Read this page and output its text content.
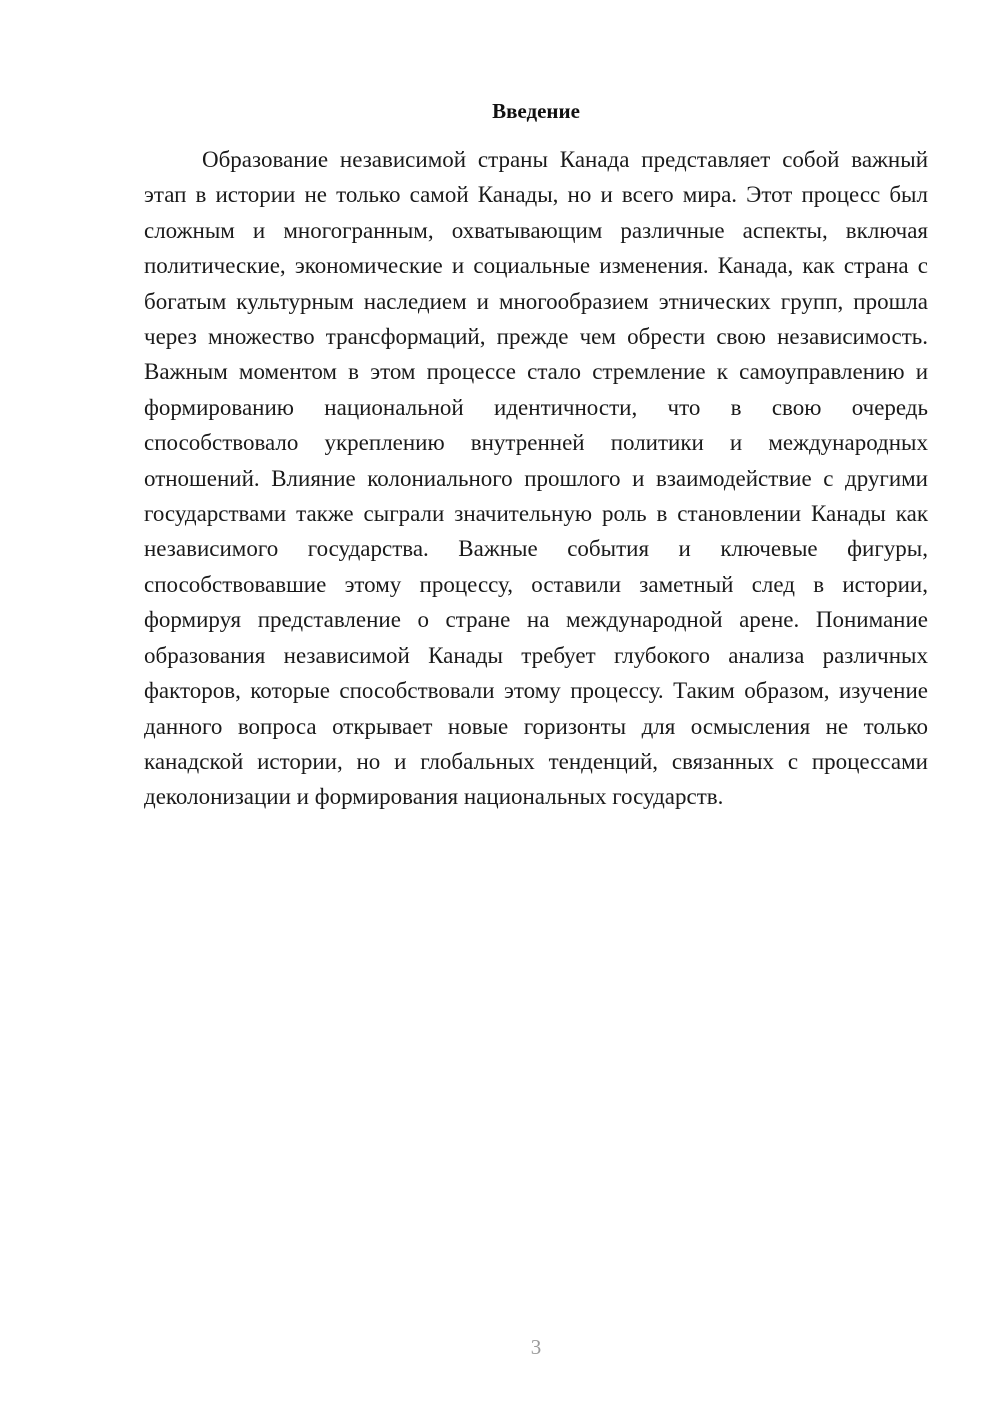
Введение

Образование независимой страны Канада представляет собой важный этап в истории не только самой Канады, но и всего мира. Этот процесс был сложным и многогранным, охватывающим различные аспекты, включая политические, экономические и социальные изменения. Канада, как страна с богатым культурным наследием и многообразием этнических групп, прошла через множество трансформаций, прежде чем обрести свою независимость. Важным моментом в этом процессе стало стремление к самоуправлению и формированию национальной идентичности, что в свою очередь способствовало укреплению внутренней политики и международных отношений. Влияние колониального прошлого и взаимодействие с другими государствами также сыграли значительную роль в становлении Канады как независимого государства. Важные события и ключевые фигуры, способствовавшие этому процессу, оставили заметный след в истории, формируя представление о стране на международной арене. Понимание образования независимой Канады требует глубокого анализа различных факторов, которые способствовали этому процессу. Таким образом, изучение данного вопроса открывает новые горизонты для осмысления не только канадской истории, но и глобальных тенденций, связанных с процессами деколонизации и формирования национальных государств.

3
